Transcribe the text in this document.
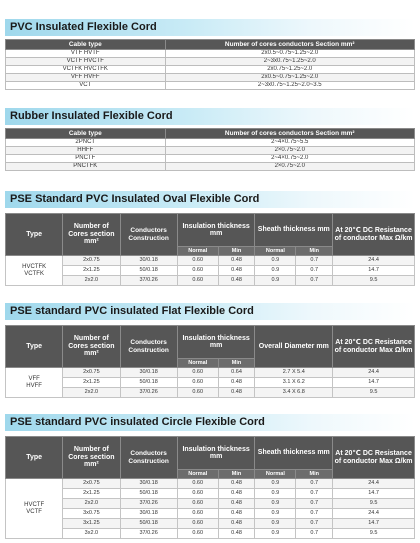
PVC Insulated Flexible Cord
Cable type	Number of cores conductors Section mm²
VTF HVTF	2x0.5~0.75~1.25~2.0
VCTF HVCTF	2~3x0.75~1.25~2.0
VCTFK HVCTFK	2x0.75~1.25~2.0
VFF HVFF	2x0.5~0.75~1.25~2.0
VCT	2~3x0.75~1.25~2.0~3.5
Rubber Insulated Flexible Cord
Cable type	Number of cores conductors Section mm²
2PNCT	2~4×0.75~5.5
HHFF	2×0.75~2.0
PNCTF	2~4×0.75~2.0
PNCTFK	2×0.75~2.0
PSE Standard PVC Insulated Oval Flexible Cord
Type	Number of Cores section mm²	Conductors Construction	Insulation thickness mm		Sheath thickness mm		At 20℃ DC Resistance of conductor Max Ω/km
			Normal	Min	Normal	Min	

HVCTFK
VCTFK	2x0.75	30/0.18	0.60	0.48	0.9	0.7	24.4
	2x1.25	50/0.18	0.60	0.48	0.9	0.7	14.7
	2x2.0	37/0.26	0.60	0.48	0.9	0.7	9.5
PSE standard PVC insulated Flat Flexible Cord
Type	Number of Cores section mm²	Conductors Construction	Insulation thickness mm		Overall Diameter mm	At 20℃ DC Resistance of conductor Max Ω/km
			Normal	Min		

VFF
HVFF	2x0.75	30/0.18	0.60	0.64	2.7 X 5.4	24.4
	2x1.25	50/0.18	0.60	0.48	3.1 X 6.2	14.7
	2x2.0	37/0.26	0.60	0.48	3.4 X 6.8	9.5
PSE standard PVC insulated Circle Flexible Cord
Type	Number of Cores section mm²	Conductors Construction	Insulation thickness mm		Sheath thickness mm		At 20℃ DC Resistance of conductor Max Ω/km
			Normal	Min	Normal	Min	

HVCTF
VCTF	2x0.75	30/0.18	0.60	0.48	0.9	0.7	24.4
	2x1.25	50/0.18	0.60	0.48	0.9	0.7	14.7
	2x2.0	37/0.26	0.60	0.48	0.9	0.7	9.5
	3x0.75	30/0.18	0.60	0.48	0.9	0.7	24.4
	3x1.25	50/0.18	0.60	0.48	0.9	0.7	14.7
	3x2.0	37/0.26	0.60	0.48	0.9	0.7	9.5
